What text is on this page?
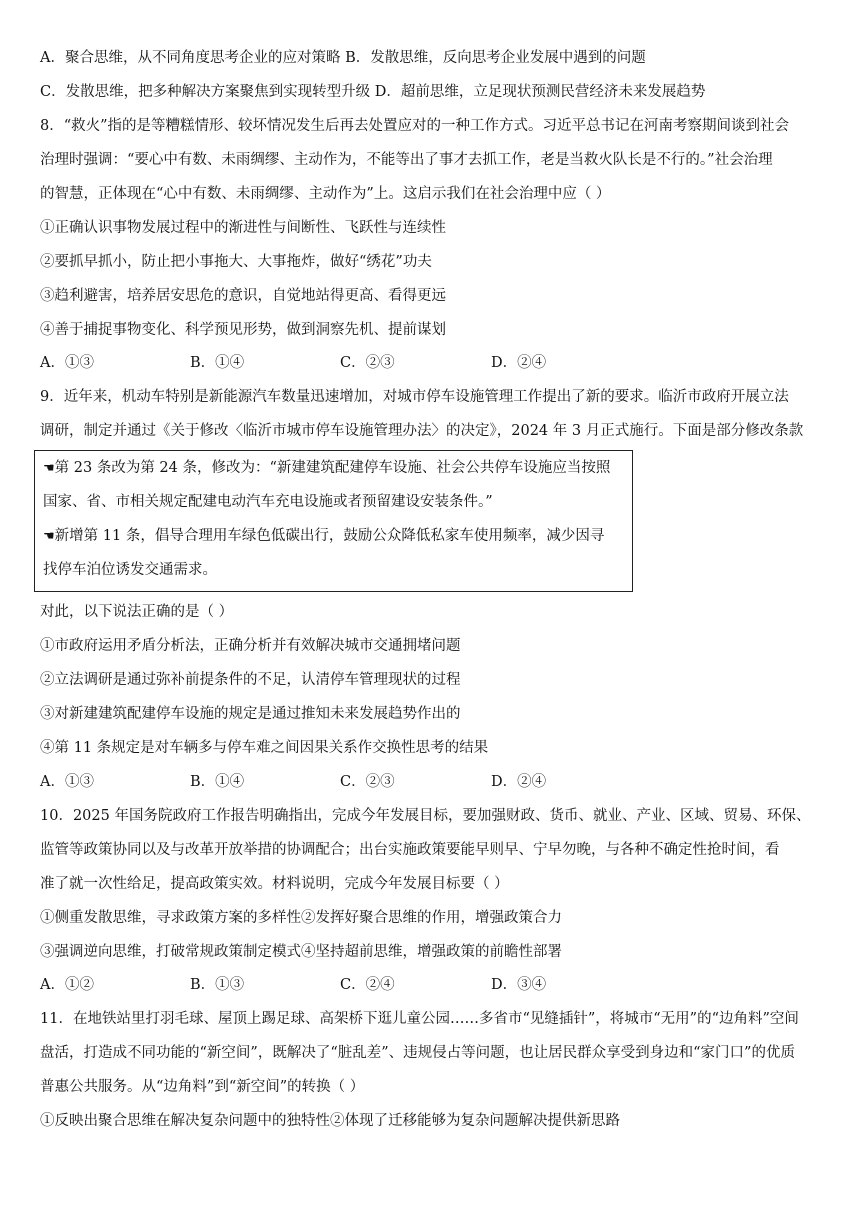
A．聚合思维，从不同角度思考企业的应对策略 B．发散思维，反向思考企业发展中遇到的问题
C．发散思维，把多种解决方案聚焦到实现转型升级 D．超前思维，立足现状预测民营经济未来发展趋势
8．“救火”指的是等糟糕情形、较坏情况发生后再去处置应对的一种工作方式。习近平总书记在河南考察期间谈到社会
治理时强调：“要心中有数、未雨绸缪、主动作为，不能等出了事才去抓工作，老是当救火队长是不行的。”社会治理
的智慧，正体现在“心中有数、未雨绸缪、主动作为”上。这启示我们在社会治理中应（ ）
①正确认识事物发展过程中的渐进性与间断性、飞跃性与连续性
②要抓早抓小，防止把小事拖大、大事拖炸，做好“绣花”功夫
③趋利避害，培养居安思危的意识，自觉地站得更高、看得更远
④善于捕捉事物变化、科学预见形势，做到洞察先机、提前谋划
A．①③	B．①④	C．②③	D．②④
9．近年来，机动车特别是新能源汽车数量迅速增加，对城市停车设施管理工作提出了新的要求。临沂市政府开展立法
调研，制定并通过《关于修改〈临沂市城市停车设施管理办法〉的决定》，2024 年 3 月正式施行。下面是部分修改条款
☚第 23 条改为第 24 条，修改为：“新建建筑配建停车设施、社会公共停车设施应当按照
国家、省、市相关规定配建电动汽车充电设施或者预留建设安装条件。”
☚新增第 11 条，倡导合理用车绿色低碳出行，鼓励公众降低私家车使用频率，减少因寻
找停车泊位诱发交通需求。
对此，以下说法正确的是（ ）
①市政府运用矛盾分析法，正确分析并有效解决城市交通拥堵问题
②立法调研是通过弥补前提条件的不足，认清停车管理现状的过程
③对新建建筑配建停车设施的规定是通过推知未来发展趋势作出的
④第 11 条规定是对车辆多与停车难之间因果关系作交换性思考的结果
A．①③	B．①④	C．②③	D．②④
10．2025 年国务院政府工作报告明确指出，完成今年发展目标，要加强财政、货币、就业、产业、区域、贸易、环保、
监管等政策协同以及与改革开放举措的协调配合；出台实施政策要能早则早、宁早勿晚，与各种不确定性抢时间，看
准了就一次性给足，提高政策实效。材料说明，完成今年发展目标要（ ）
①侧重发散思维，寻求政策方案的多样性②发挥好聚合思维的作用，增强政策合力
③强调逆向思维，打破常规政策制定模式④坚持超前思维，增强政策的前瞻性部署
A．①②	B．①③	C．②④	D．③④
11．在地铁站里打羽毛球、屋顶上踢足球、高架桥下逛儿童公园……多省市“见缝插针”，将城市“无用”的“边角料”空间
盘活，打造成不同功能的“新空间”，既解决了“脏乱差”、违规侵占等问题，也让居民群众享受到身边和“家门口”的优质
普惠公共服务。从“边角料”到“新空间”的转换（ ）
①反映出聚合思维在解决复杂问题中的独特性②体现了迁移能够为复杂问题解决提供新思路
